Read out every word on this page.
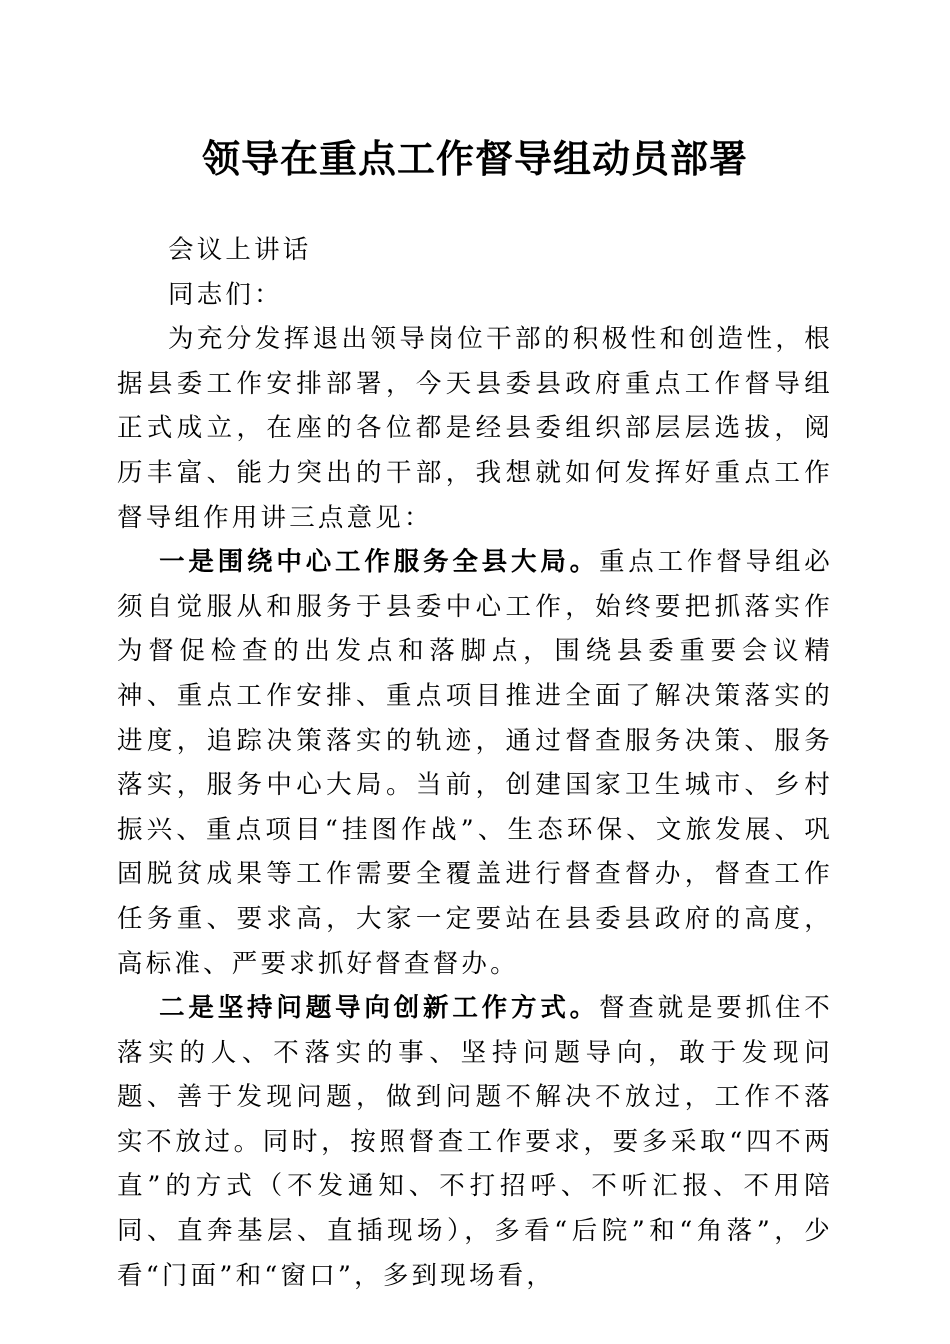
领导在重点工作督导组动员部署

会议上讲话

同志们：

为充分发挥退出领导岗位干部的积极性和创造性，根据县委工作安排部署，今天县委县政府重点工作督导组正式成立，在座的各位都是经县委组织部层层选拔，阅历丰富、能力突出的干部，我想就如何发挥好重点工作督导组作用讲三点意见：

一是围绕中心工作服务全县大局。重点工作督导组必须自觉服从和服务于县委中心工作，始终要把抓落实作为督促检查的出发点和落脚点，围绕县委重要会议精神、重点工作安排、重点项目推进全面了解决策落实的进度，追踪决策落实的轨迹，通过督查服务决策、服务落实，服务中心大局。当前，创建国家卫生城市、乡村振兴、重点项目“挂图作战”、生态环保、文旅发展、巩固脱贫成果等工作需要全覆盖进行督查督办，督查工作任务重、要求高，大家一定要站在县委县政府的高度，高标准、严要求抓好督查督办。

二是坚持问题导向创新工作方式。督查就是要抓住不落实的人、不落实的事、坚持问题导向，敢于发现问题、善于发现问题，做到问题不解决不放过，工作不落实不放过。同时，按照督查工作要求，要多采取“四不两直”的方式（不发通知、不打招呼、不听汇报、不用陪同、直奔基层、直插现场），多看“后院”和“角落”，少看“门面”和“窗口”，多到现场看，
